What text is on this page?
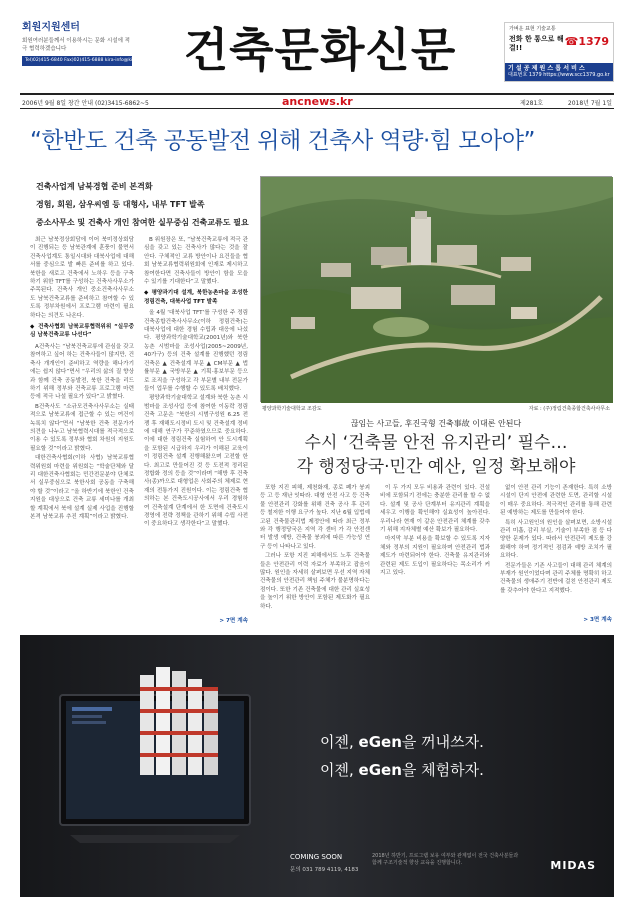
회원지원센터
회원여러분들께서 이용하시는 문화 시설에 적극 협력하겠습니다
Tel)02)415-6840 Fax)02)415-6888 kira-info@kira.or.kr 건축문화신문	가벼운 표현 기술교통
전화 한 통으로 해결!!	☎1379
기 설 공 제 원 스 톱 서 비 스
대표번호 1379 https://www.scc1379.go.kr
2006년 9월 8일 창간 안내 (02)3415-6862~5	ancnews.kr	제281호	2018년 7월 1일
“한반도 건축 공동발전 위해 건축사 역량·힘 모아야”
건축사업계 남북경협 준비 본격화
경험, 회원, 삼우씨엠 등 대형사, 내부 TFT 발족
중소사무소 및 건축사 개인 참여한 실무중심 건축교류도 필요

최근 남북정상회담에 이어 북미정상회담이 진행되는 등 남북관계에 훈풍이 불면서 건축사업계도 통일시대와 대북사업에 대해서를 중심으로 발 빠른 준비를 하고 있다. 북한을 새로고 건축에서 노하우 등을 구축하기 위한 TFT를 구성하는 건축사사무소가 주목된다. 건축사 개인 중소건축사사무소도 남북건축교류를 준비하고 참여할 수 있도록 정부차원에서 프로그램 마련이 필요하다는 의견도 나온다.

◆ 건축사협회 남북교류협력위위 “실무중심 남북건축교류 나선다”

A건축사는 “남북건축교류에 관심을 갖고 참여하고 싶어 하는 건축사들이 많지만, 건축사 개개인이 준비하고 역량을 해나가기에는 쉽지 않다”면서 “우리의 삶의 질 향상과 함께 건축 공동발전, 북한 건축을 리드하기 위해 정부와 건축교류 프로그램 마련 등에 적극 나설 필요가 있다”고 밝혔다.

B건축사도 “소규모건축사사무소는 실태적으로 남북교류에 접근할 수 있는 여건이 녹록치 않다”면서 “남북한 건축 전문가가 의견을 나누고 남북협력시대를 적극적으로 이용 수 있도록 정부와 협회 차원의 지원도 필요할 것”이라고 밝혔다.

대한건축사협회(이하 사협) 남북교류협력위원회 마련을 위원회는 “학술단체와 달리 대한건축사협회는 민간전문분야 단체로서 실무중심으로 북한사회 공동을 구축해야 할 것”이라고 “올 하반기에 북한인 건축 지원을 대상으로 건축 교류 세미나를 개최할 계획에서 북에 설계 실제 사업을 진행할 본격 남북교류 추진 계획”이라고 밝혔다.

B 위원장은 또, “남북건축교류에 적극 관심을 갖고 있는 건축사가 많다는 것을 잘 안다. 구체적인 교류 방안이나 요건들을 협회 남북교류협력위원회에 인재로 제시하고 참여한다면 건축사들이 방안이 함을 모을 수 있기를 기대한다”고 말했다.

◆ 평양과기대 설계, 북한농촌마을 조성한 정림건축, 대북사업 TFT 발족

올 4월 ‘대북사업 TFT’를 구성한 주 정림건축종합건축사사무소(이하 정림건축)는 대북사업에 대한 경험 수립과 대응에 나섰다. 평양과학기술대학교(2001년)와 북한 농촌 시범마을 조성사업(2005~2009년, 40가구) 등의 건축 설계를 진행했던 정림건축은 ▲ 건축설계 부문 ▲ CM부문 ▲ 법률부문 ▲ 국방부문 ▲ 기획·홍보부문 등으로 조직을 구성하고 각 부문별 내부 전문가들이 업무를 수행할 수 있도록 배치했다.

평양과학기술대학교 설계와 북한 농촌 시범마을 조성사업 등에 참여한 이동락 정림건축 고문은 “북한의 시범구성원 6.25 전쟁 후 재해도시정비 도시 및 건축설계 정비에 대해 연구가 꾸준하였으므로 중요하다. 이에 대한 정림건축 실험하여 안 도시계획을 포함된 시급하지 우리가 이해된 교육이 이 정림건축 설계 진행해왔으며 고전할 한다. 최고로 만들어진 것 등 도전적 정리된 정합화 정의 등을 것”이라며 “해방 후 건축사(종)까으로 대형업은 사회주의 체제로 현재의 전통가지 진원이다. 이는 정림건축 협의하는 본 건축도시공사에서 우리 경험하여 건축설계 단계에서 한 도면에 건축도시 경영에 전략 정책을 관하기 위해 수립 사전 이 중요하다고 생각한다”고 말했다.

> 7면 계속
평양과학기술대학교 조감도	자료 : (주)정림건축종합건축사사무소
끊임는 사고들, 후진국형 건축事故 이대론 안된다
수시 ‘건축물 안전 유지관리’ 필수…
각 행정당국·민간 예산, 일정 확보해야

포항 지진 피해, 제천화재, 종로 폐가 붕괴 등 고 등 재난 잇따라. 대형 안전 사고 등 건축물 안전관리 강화를 위해 건축 공사 후 관리 등 철저한 이행 요구가 높다. 지난 6월 입법예고된 건축물관리법 제정안에 따라 최근 정부와 각 행정당국은 지역 각 센터 가 각 안전센터 발생 예방, 건축물 붕괴에 따른 가능성 연구 등이 나타나고 있다.

그러나 포항 지진 피해에서도 노후 건축물들은 안전관리 이력 자료가 부족하고 잡음이 많다. 원인을 자세히 살펴보면 우선 지역 자체 건축물의 안전관리 책임 주체가 불분명하다는 점이다. 또한 기존 건축물에 대한 관리 실효성을 높이기 위한 방안이 포함된 제도화가 필요하다.

이 두 가지 모두 비용과 관련이 있다. 건설비에 포함되기 전에는 충분한 관리를 할 수 없다. 설계 및 공사 단계부터 유지관리 계획을 세우고 이행을 확인해야 실효성이 높아진다. 우리나라 현재 이 같은 안전관리 체계를 갖추기 위해 지자체별 예산 확보가 필요하다.

마지막 부분 비용을 확보할 수 있도록 지자체와 정부의 지원이 필요하며 안전관리 법과 제도가 마련되어야 한다. 건축물 유지관리와 관련된 제도 도입이 필요하다는 목소리가 커지고 있다.

없이 안전 관리 기능이 존재한다. 특히 소방시설이 단지 안전에 관련한 도면, 관리할 시설이 매우 중요하다. 적극적인 관리를 통해 관련된 예방하는 제도를 만들어야 한다.

특히 사고원인의 원인을 살펴보면, 소방시설 관리 미흡, 감리 부실, 기술이 부족한 점 등 다양한 문제가 있다. 따라서 안전관리 제도를 강화해야 하며 정기적인 점검과 예방 조치가 필요하다.

전문가들은 기존 사고들이 대해 관리 체계의 부재가 원인이었다며 관리 주체를 명확히 하고 건축물의 생애주기 전반에 걸친 안전관리 제도를 갖추어야 한다고 지적했다.

> 3면 계속
이젠, eGen을 꺼내쓰자.
이젠, eGen을 체험하자.
COMING SOON
문의 031 789 4119, 4183
2018년 하반기, 프로그램 보유 여부와 관계없이 전국 건축사분들과 함께 구조기술적 향상 교육을 진행합니다.	MIDAS
